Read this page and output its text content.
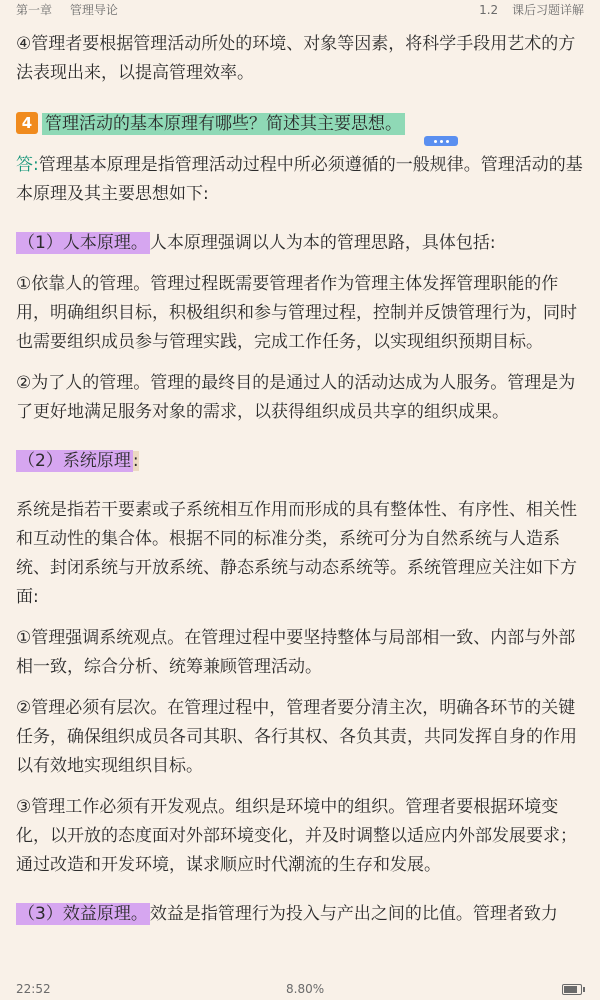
第一章 管理导论	1.2 课后习题详解

④管理者要根据管理活动所处的环境、对象等因素，将科学手段用艺术的方法表现出来，以提高管理效率。

4 管理活动的基本原理有哪些？简述其主要思想。

答:管理基本原理是指管理活动过程中所必须遵循的一般规律。管理活动的基本原理及其主要思想如下:

（1）人本原理。 人本原理强调以人为本的管理思路，具体包括:

①依靠人的管理。管理过程既需要管理者作为管理主体发挥管理职能的作用，明确组织目标，积极组织和参与管理过程，控制并反馈管理行为，同时也需要组织成员参与管理实践，完成工作任务，以实现组织预期目标。

②为了人的管理。管理的最终目的是通过人的活动达成为人服务。管理是为了更好地满足服务对象的需求，以获得组织成员共享的组织成果。

（2）系统原理 :

系统是指若干要素或子系统相互作用而形成的具有整体性、有序性、相关性和互动性的集合体。根据不同的标准分类，系统可分为自然系统与人造系统、封闭系统与开放系统、静态系统与动态系统等。系统管理应关注如下方面:

①管理强调系统观点。在管理过程中要坚持整体与局部相一致、内部与外部相一致，综合分析、统筹兼顾管理活动。

②管理必须有层次。在管理过程中，管理者要分清主次，明确各环节的关键任务，确保组织成员各司其职、各行其权、各负其责，共同发挥自身的作用以有效地实现组织目标。

③管理工作必须有开发观点。组织是环境中的组织。管理者要根据环境变化，以开放的态度面对外部环境变化，并及时调整以适应内外部发展要求；通过改造和开发环境，谋求顺应时代潮流的生存和发展。

（3）效益原理。 效益是指管理行为投入与产出之间的比值。管理者致力

22:52	8.80%
